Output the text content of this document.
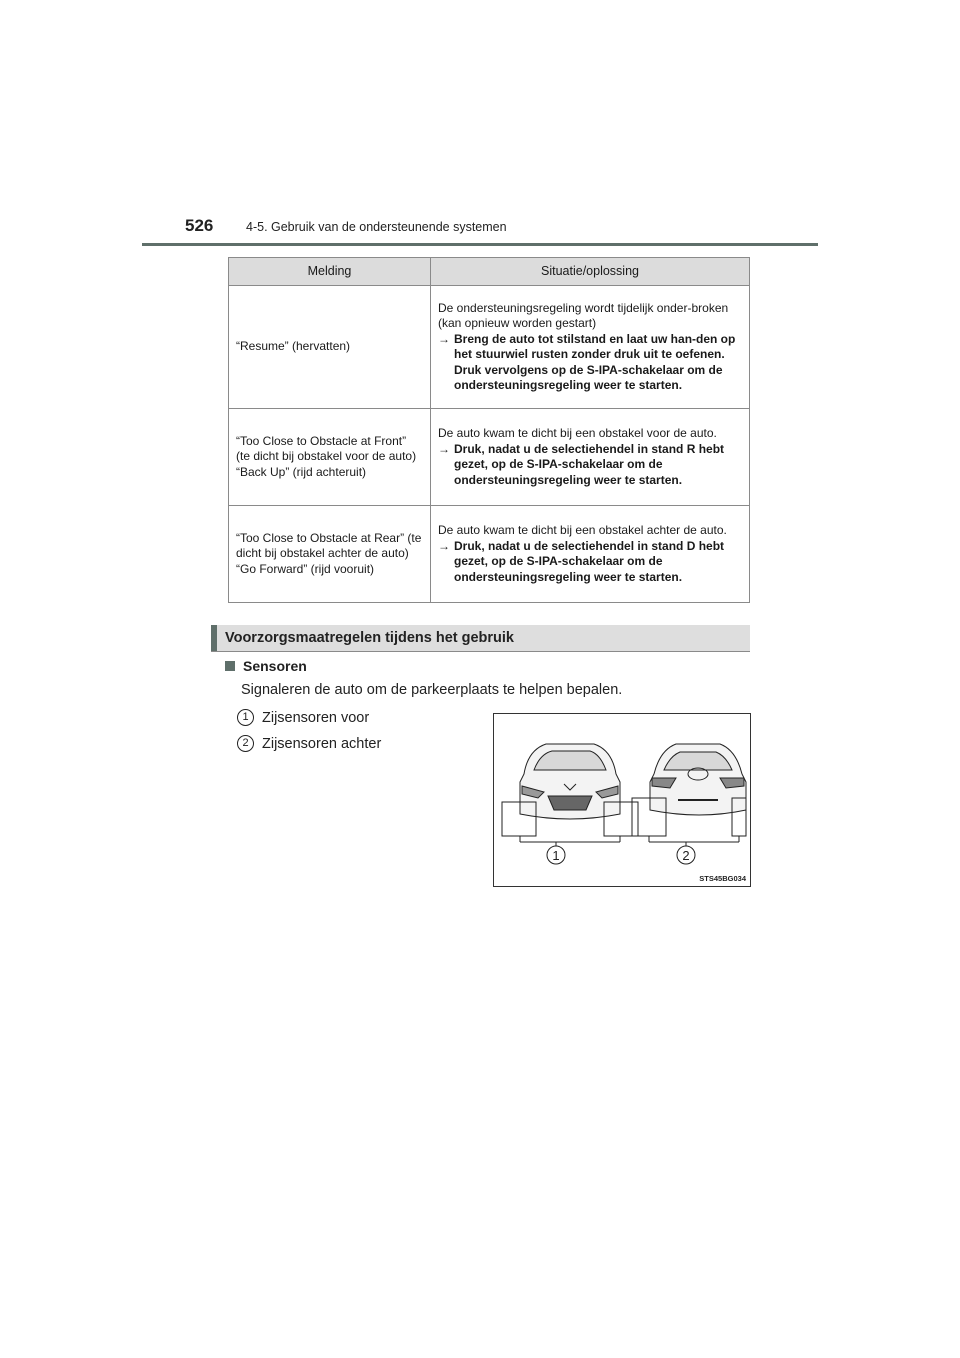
526	4-5. Gebruik van de ondersteunende systemen
Melding	Situatie/oplossing

“Resume” (hervatten)	De ondersteuningsregeling wordt tijdelijk onder-broken (kan opnieuw worden gestart)
→ Breng de auto tot stilstand en laat uw han-den op het stuurwiel rusten zonder druk uit te oefenen. Druk vervolgens op de S-IPA-schakelaar om de ondersteuningsregeling weer te starten.

“Too Close to Obstacle at Front” (te dicht bij obstakel voor de auto)
“Back Up” (rijd achteruit)	De auto kwam te dicht bij een obstakel voor de auto.
→ Druk, nadat u de selectiehendel in stand R hebt gezet, op de S-IPA-schakelaar om de ondersteuningsregeling weer te starten.

“Too Close to Obstacle at Rear” (te dicht bij obstakel achter de auto)
“Go Forward” (rijd vooruit)	De auto kwam te dicht bij een obstakel achter de auto.
→ Druk, nadat u de selectiehendel in stand D hebt gezet, op de S-IPA-schakelaar om de ondersteuningsregeling weer te starten.
Voorzorgsmaatregelen tijdens het gebruik
Sensoren
Signaleren de auto om de parkeerplaats te helpen bepalen.
1 Zijsensoren voor
2 Zijsensoren achter
1	2
STS45BG034
